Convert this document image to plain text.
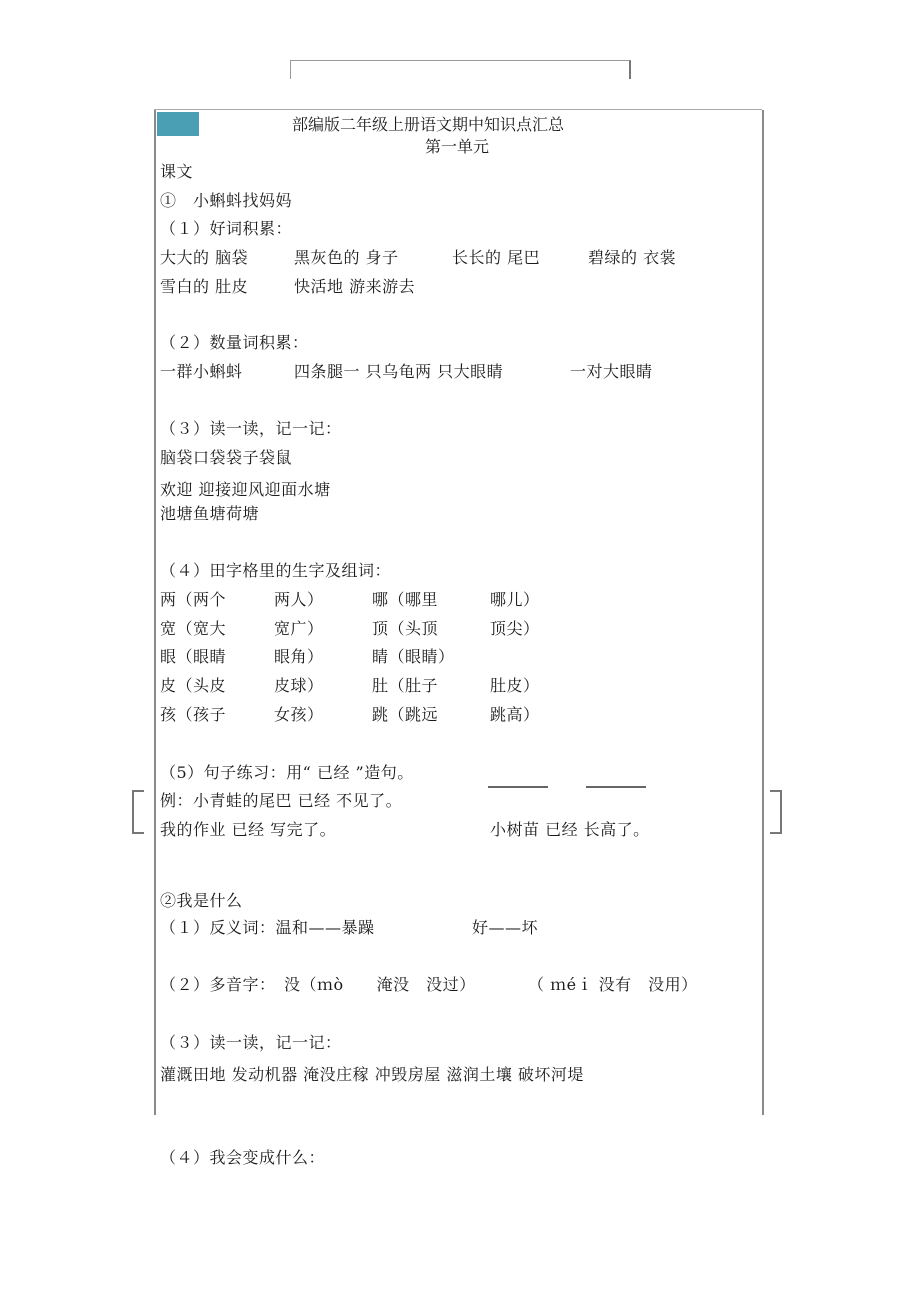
部编版二年级上册语文期中知识点汇总
第一单元
课文
①　小蝌蚪找妈妈
（１）好词积累：
大大的 脑袋	黑灰色的 身子	长长的 尾巴	碧绿的 衣裳
雪白的 肚皮	快活地 游来游去
（２）数量词积累：
一群小蝌蚪	四条腿一 只乌龟两 只大眼睛	一对大眼睛
（３）读一读，记一记：
脑袋口袋袋子袋鼠
欢迎 迎接迎风迎面水塘
池塘鱼塘荷塘
（４）田字格里的生字及组词：
两（两个	两人）	哪（哪里	哪儿）
宽（宽大	宽广）	顶（头顶	顶尖）
眼（眼睛	眼角）	睛（眼睛）
皮（头皮	皮球）	肚（肚子	肚皮）
孩（孩子	女孩）	跳（跳远	跳高）
（5）句子练习：用“ 已经 ”造句。
例：小青蛙的尾巴 已经 不见了。
我的作业 已经 写完了。	小树苗 已经 长高了。
②我是什么
（１）反义词：温和——暴躁	好——坏
（２）多音字： 没（ｍò　　淹没　没过）	（ ｍéｉ 没有　没用）
（３）读一读，记一记：
灌溉田地 发动机器 淹没庄稼 冲毁房屋 滋润土壤 破坏河堤
（４）我会变成什么：
